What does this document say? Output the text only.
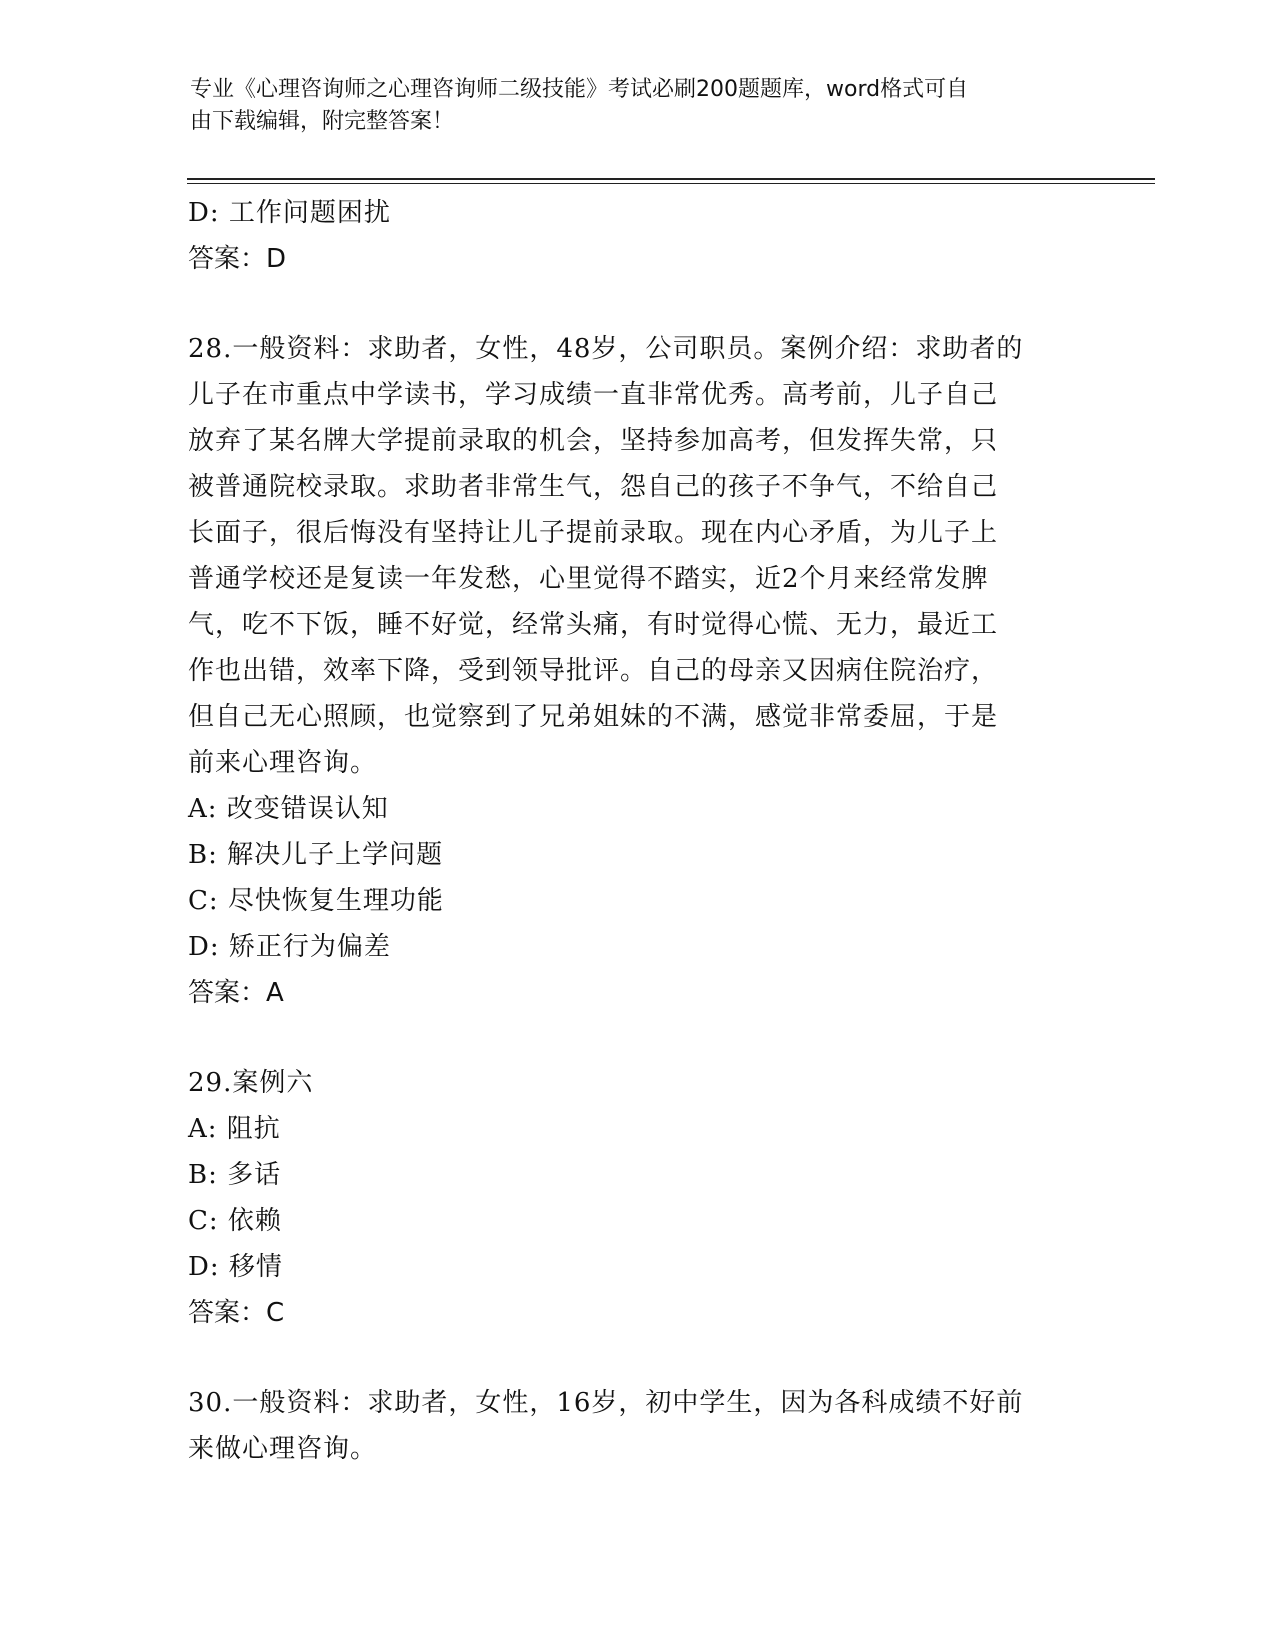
专业《心理咨询师之心理咨询师二级技能》考试必刷200题题库，word格式可自
由下载编辑，附完整答案！
D: 工作问题困扰
答案：D
28.一般资料：求助者，女性，48岁，公司职员。案例介绍：求助者的
儿子在市重点中学读书，学习成绩一直非常优秀。高考前，儿子自己
放弃了某名牌大学提前录取的机会，坚持参加高考，但发挥失常，只
被普通院校录取。求助者非常生气，怨自己的孩子不争气，不给自己
长面子，很后悔没有坚持让儿子提前录取。现在内心矛盾，为儿子上
普通学校还是复读一年发愁，心里觉得不踏实，近2个月来经常发脾
气，吃不下饭，睡不好觉，经常头痛，有时觉得心慌、无力，最近工
作也出错，效率下降，受到领导批评。自己的母亲又因病住院治疗，
但自己无心照顾，也觉察到了兄弟姐妹的不满，感觉非常委屈，于是
前来心理咨询。
A: 改变错误认知
B: 解决儿子上学问题
C: 尽快恢复生理功能
D: 矫正行为偏差
答案：A
29.案例六
A: 阻抗
B: 多话
C: 依赖
D: 移情
答案：C
30.一般资料：求助者，女性，16岁，初中学生，因为各科成绩不好前
来做心理咨询。
